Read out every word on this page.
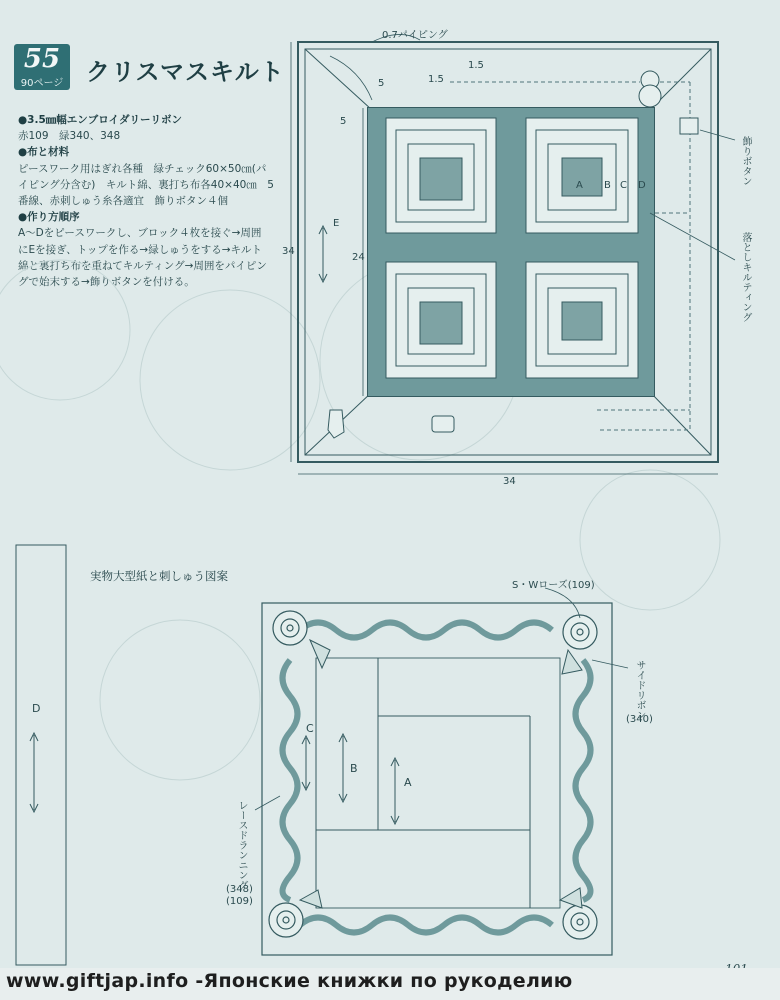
55
90ページ クリスマスキルト
●3.5㎜幅エンブロイダリーリボン
赤109　緑340、348
●布と材料
ピースワーク用はぎれ各種　緑チェック60×50㎝(パ
イピング分含む)　キルト綿、裏打ち布各40×40㎝　5
番線、赤刺しゅう糸各適宜　飾りボタン４個
●作り方順序
A～Dをピースワークし、ブロック４枚を接ぐ→周囲
にEを接ぎ、トップを作る→緑しゅうをする→キルト
綿と裏打ち布を重ねてキルティング→周囲をパイピン
グで始末する→飾りボタンを付ける。
0.7パイピング
1.5
1.5
5
5
34
24
34
E
A B C D	飾りボタン
落としキルティング
実物大型紙と刺しゅう図案
S・Wローズ(109)
サイドリボン
(340)
レースドランニング
(348)
(109)
A
B
C
D
www.giftjap.info -Японские книжки по рукоделию
